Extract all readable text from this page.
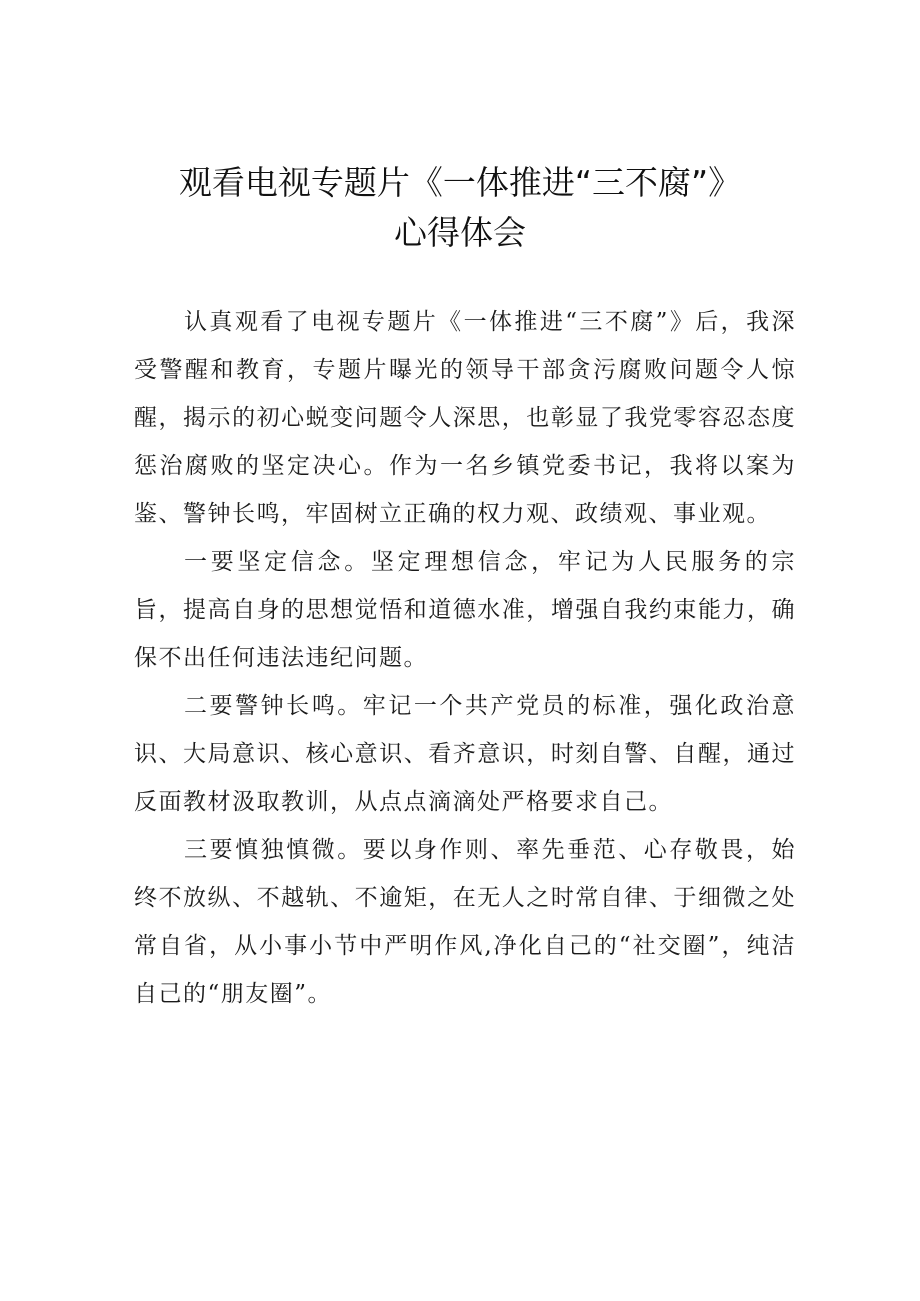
观看电视专题片《一体推进“三不腐”》
心得体会

认真观看了电视专题片《一体推进“三不腐”》后，我深受警醒和教育，专题片曝光的领导干部贪污腐败问题令人惊醒，揭示的初心蜕变问题令人深思，也彰显了我党零容忍态度惩治腐败的坚定决心。作为一名乡镇党委书记，我将以案为鉴、警钟长鸣，牢固树立正确的权力观、政绩观、事业观。

一要坚定信念。坚定理想信念，牢记为人民服务的宗旨，提高自身的思想觉悟和道德水准，增强自我约束能力，确保不出任何违法违纪问题。

二要警钟长鸣。牢记一个共产党员的标准，强化政治意识、大局意识、核心意识、看齐意识，时刻自警、自醒，通过反面教材汲取教训，从点点滴滴处严格要求自己。

三要慎独慎微。要以身作则、率先垂范、心存敬畏，始终不放纵、不越轨、不逾矩，在无人之时常自律、于细微之处常自省，从小事小节中严明作风,净化自己的“社交圈”，纯洁自己的“朋友圈”。
